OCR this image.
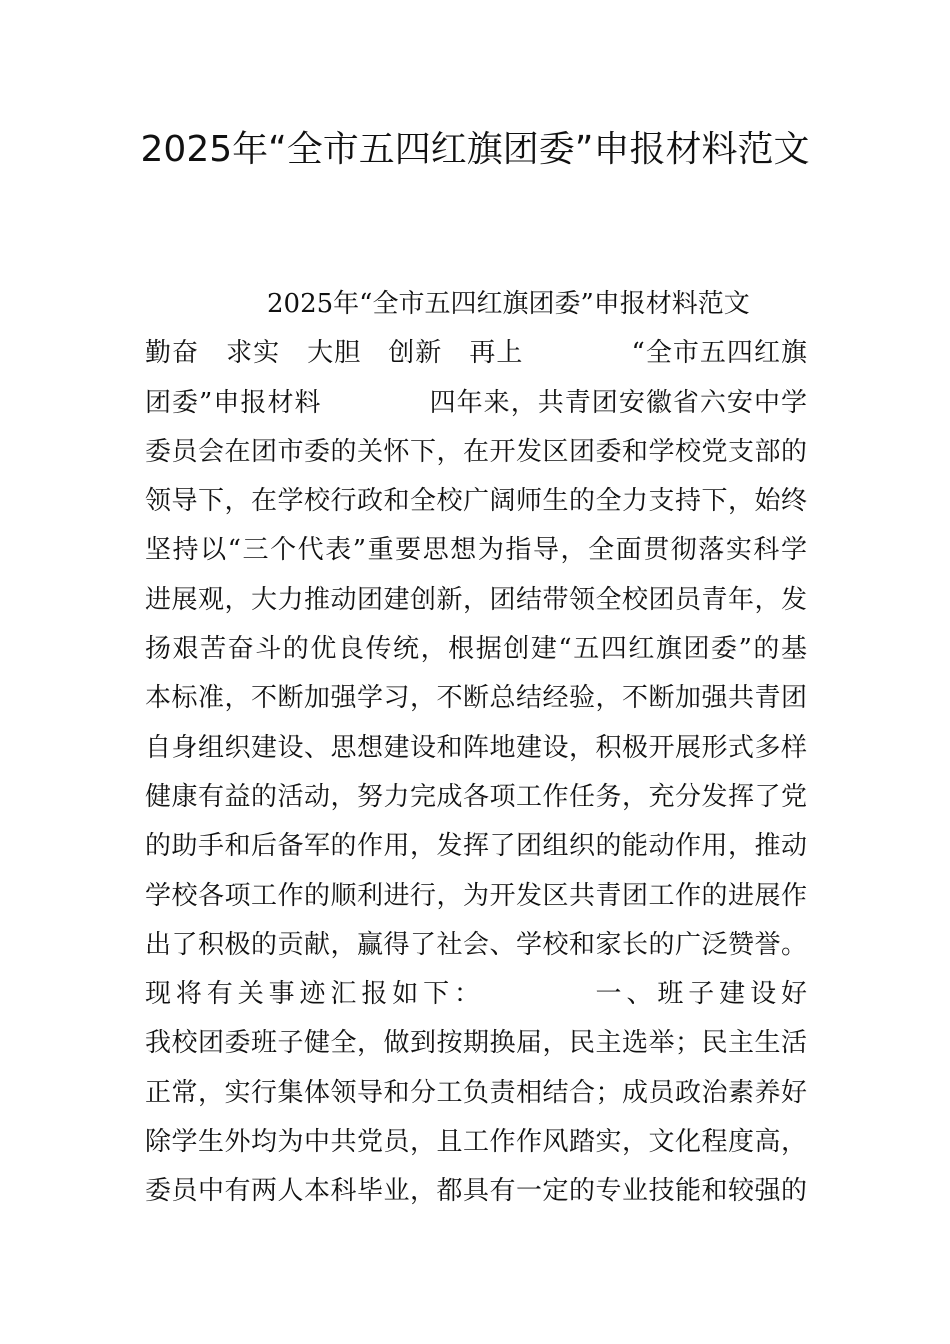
2025年“全市五四红旗团委”申报材料范文
2025年“全市五四红旗团委”申报材料范文
勤奋　求实　大胆　创新　再上　　　　“全市五四红旗
团委”申报材料　　　　四年来，共青团安徽省六安中学
委员会在团市委的关怀下，在开发区团委和学校党支部的
领导下，在学校行政和全校广阔师生的全力支持下，始终
坚持以“三个代表”重要思想为指导，全面贯彻落实科学
进展观，大力推动团建创新，团结带领全校团员青年，发
扬艰苦奋斗的优良传统，根据创建“五四红旗团委”的基
本标准，不断加强学习，不断总结经验，不断加强共青团
自身组织建设、思想建设和阵地建设，积极开展形式多样
健康有益的活动，努力完成各项工作任务，充分发挥了党
的助手和后备军的作用，发挥了团组织的能动作用，推动
学校各项工作的顺利进行，为开发区共青团工作的进展作
出了积极的贡献，赢得了社会、学校和家长的广泛赞誉。
现将有关事迹汇报如下：　　　　一、班子建设好
我校团委班子健全，做到按期换届，民主选举；民主生活
正常，实行集体领导和分工负责相结合；成员政治素养好
除学生外均为中共党员，且工作作风踏实，文化程度高，
委员中有两人本科毕业，都具有一定的专业技能和较强的
